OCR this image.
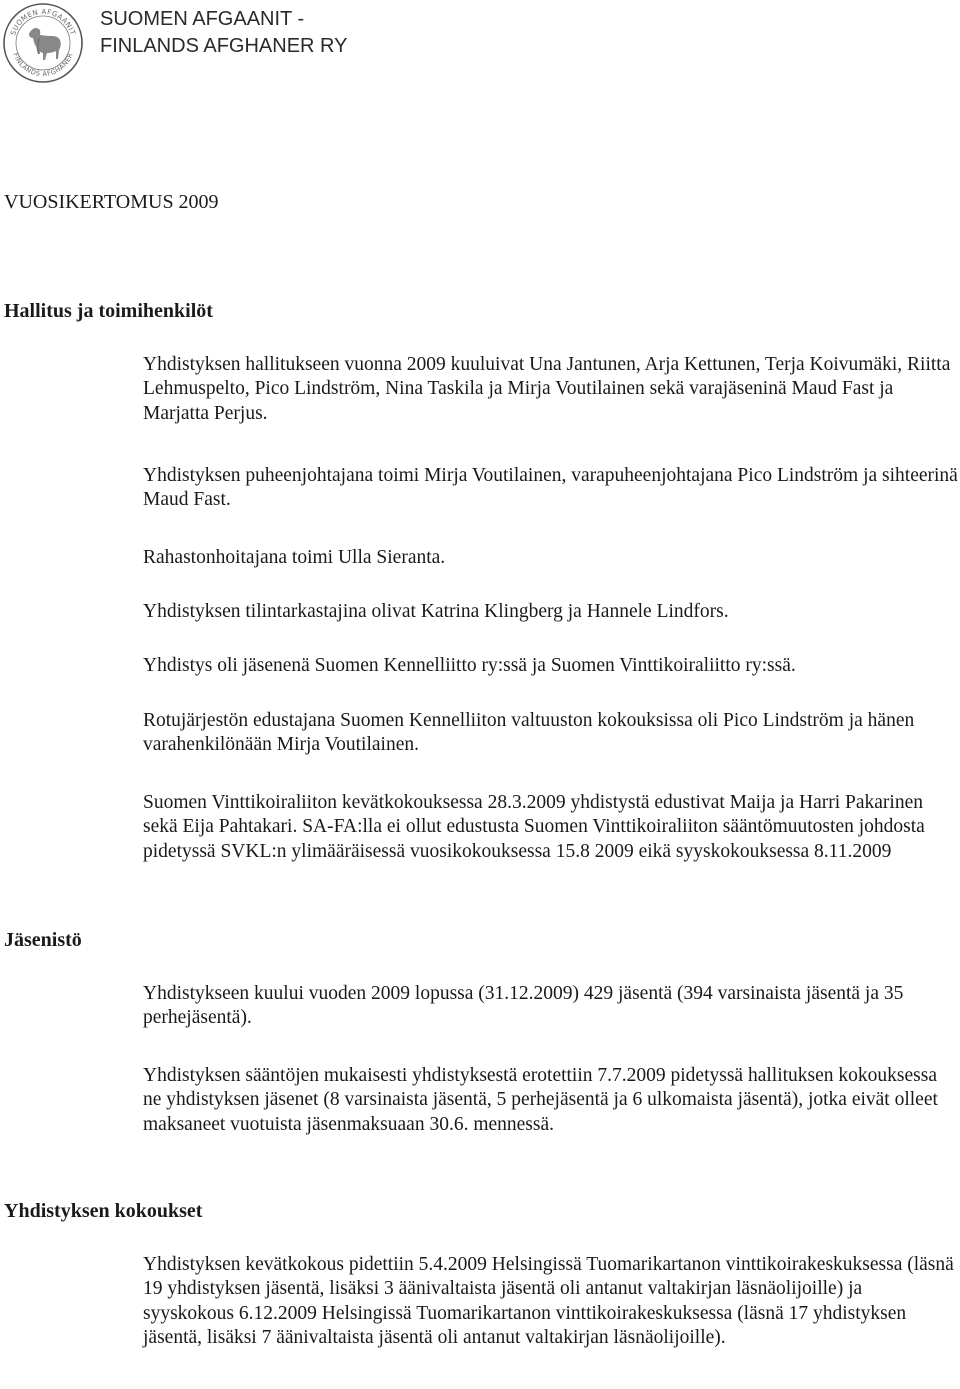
SUOMEN AFGAANIT
FINLANDS AFGHANER
SUOMEN AFGAANIT -
FINLANDS AFGHANER RY
VUOSIKERTOMUS 2009
Hallitus ja toimihenkilöt

Yhdistyksen hallitukseen vuonna 2009 kuuluivat Una Jantunen, Arja Kettunen, Terja Koivumäki, Riitta Lehmuspelto, Pico Lindström, Nina Taskila ja Mirja Voutilainen sekä varajäseninä Maud Fast ja Marjatta Perjus.

Yhdistyksen puheenjohtajana toimi Mirja Voutilainen, varapuheenjohtajana Pico Lindström ja sihteerinä Maud Fast.

Rahastonhoitajana toimi Ulla Sieranta.

Yhdistyksen tilintarkastajina olivat Katrina Klingberg ja Hannele Lindfors.

Yhdistys oli jäsenenä Suomen Kennelliitto ry:ssä ja Suomen Vinttikoiraliitto ry:ssä.

Rotujärjestön edustajana Suomen Kennelliiton valtuuston kokouksissa oli Pico Lindström ja hänen varahenkilönään Mirja Voutilainen.

Suomen Vinttikoiraliiton kevätkokouksessa 28.3.2009 yhdistystä edustivat Maija ja Harri Pakarinen sekä Eija Pahtakari. SA-FA:lla ei ollut edustusta Suomen Vinttikoiraliiton sääntömuutosten johdosta pidetyssä SVKL:n ylimääräisessä vuosikokouksessa 15.8 2009 eikä syyskokouksessa 8.11.2009

Jäsenistö

Yhdistykseen kuului vuoden 2009 lopussa (31.12.2009) 429 jäsentä (394 varsinaista jäsentä ja 35 perhejäsentä).

Yhdistyksen sääntöjen mukaisesti yhdistyksestä erotettiin 7.7.2009 pidetyssä hallituksen kokouksessa ne yhdistyksen jäsenet (8 varsinaista jäsentä, 5 perhejäsentä ja 6 ulkomaista jäsentä), jotka eivät olleet maksaneet vuotuista jäsenmaksuaan 30.6. mennessä.

Yhdistyksen kokoukset

Yhdistyksen kevätkokous pidettiin 5.4.2009 Helsingissä Tuomarikartanon vinttikoirakeskuksessa (läsnä 19 yhdistyksen jäsentä, lisäksi 3 äänivaltaista jäsentä oli antanut valtakirjan läsnäolijoille) ja syyskokous 6.12.2009 Helsingissä Tuomarikartanon vinttikoirakeskuksessa (läsnä 17 yhdistyksen jäsentä, lisäksi 7 äänivaltaista jäsentä oli antanut valtakirjan läsnäolijoille).
